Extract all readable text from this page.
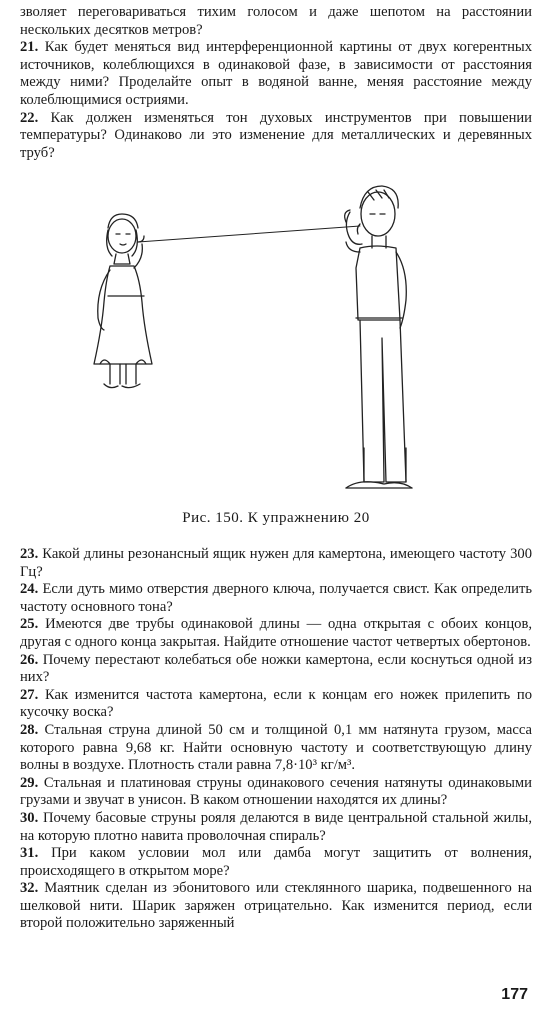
зволяет переговариваться тихим голосом и даже шепотом на расстоянии нескольких десятков метров?

21. Как будет меняться вид интерференционной картины от двух когерентных источников, колеблющихся в одинаковой фазе, в зависимости от расстояния между ними? Проделайте опыт в водяной ванне, меняя расстояние между колеблющимися остриями.

22. Как должен изменяться тон духовых инструментов при повышении температуры? Одинаково ли это изменение для металлических и деревянных труб?

Рис. 150. К упражнению 20

23. Какой длины резонансный ящик нужен для камертона, имеющего частоту 300 Гц?

24. Если дуть мимо отверстия дверного ключа, получается свист. Как определить частоту основного тона?

25. Имеются две трубы одинаковой длины — одна открытая с обоих концов, другая с одного конца закрытая. Найдите отношение частот четвертых обертонов.

26. Почему перестают колебаться обе ножки камертона, если коснуться одной из них?

27. Как изменится частота камертона, если к концам его ножек прилепить по кусочку воска?

28. Стальная струна длиной 50 см и толщиной 0,1 мм натянута грузом, масса которого равна 9,68 кг. Найти основную частоту и соответствующую длину волны в воздухе. Плотность стали равна 7,8·10³ кг/м³.

29. Стальная и платиновая струны одинакового сечения натянуты одинаковыми грузами и звучат в унисон. В каком отношении находятся их длины?

30. Почему басовые струны рояля делаются в виде центральной стальной жилы, на которую плотно навита проволочная спираль?

31. При каком условии мол или дамба могут защитить от волнения, происходящего в открытом море?

32. Маятник сделан из эбонитового или стеклянного шарика, подвешенного на шелковой нити. Шарик заряжен отрицательно. Как изменится период, если второй положительно заряженный

177
